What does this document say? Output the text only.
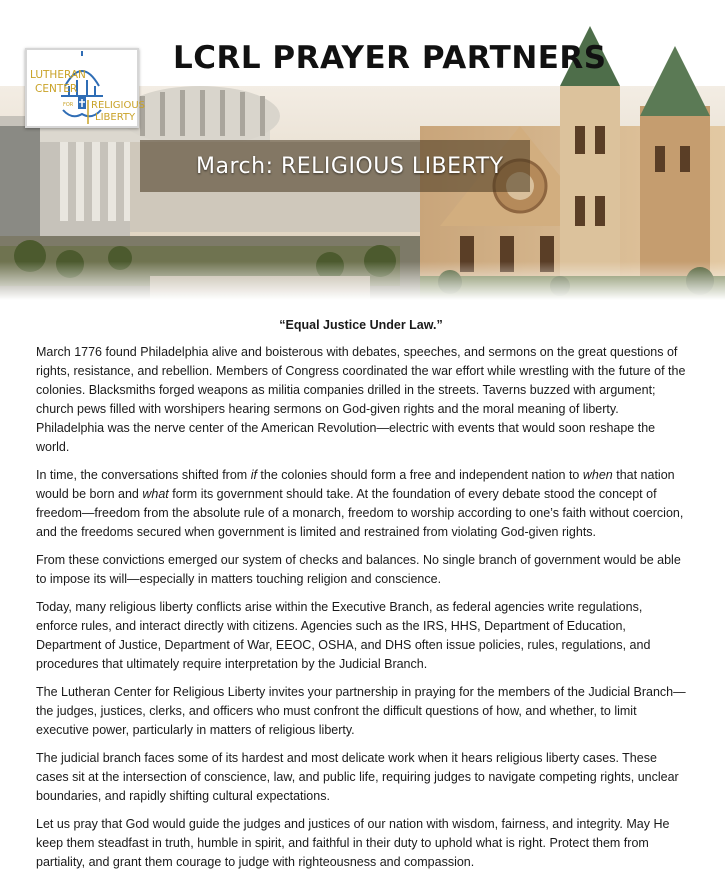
March: RELIGIOUS LIBERTY
LUTHERAN
CENTER
FOR RELIGIOUS
LIBERTY
LCRL PRAYER PARTNERS

“Equal Justice Under Law.”

March 1776 found Philadelphia alive and boisterous with debates, speeches, and sermons on the great questions of rights, resistance, and rebellion. Members of Congress coordinated the war effort while wrestling with the future of the colonies. Blacksmiths forged weapons as militia companies drilled in the streets. Taverns buzzed with argument; church pews filled with worshipers hearing sermons on God-given rights and the moral meaning of liberty. Philadelphia was the nerve center of the American Revolution—electric with events that would soon reshape the world.

In time, the conversations shifted from if the colonies should form a free and independent nation to when that nation would be born and what form its government should take. At the foundation of every debate stood the concept of freedom—freedom from the absolute rule of a monarch, freedom to worship according to one’s faith without coercion, and the freedoms secured when government is limited and restrained from violating God-given rights.

From these convictions emerged our system of checks and balances. No single branch of government would be able to impose its will—especially in matters touching religion and conscience.

Today, many religious liberty conflicts arise within the Executive Branch, as federal agencies write regulations, enforce rules, and interact directly with citizens. Agencies such as the IRS, HHS, Department of Education, Department of Justice, Department of War, EEOC, OSHA, and DHS often issue policies, rules, regulations, and procedures that ultimately require interpretation by the Judicial Branch.

The Lutheran Center for Religious Liberty invites your partnership in praying for the members of the Judicial Branch—the judges, justices, clerks, and officers who must confront the difficult questions of how, and whether, to limit executive power, particularly in matters of religious liberty.

The judicial branch faces some of its hardest and most delicate work when it hears religious liberty cases. These cases sit at the intersection of conscience, law, and public life, requiring judges to navigate competing rights, unclear boundaries, and rapidly shifting cultural expectations.

Let us pray that God would guide the judges and justices of our nation with wisdom, fairness, and integrity. May He keep them steadfast in truth, humble in spirit, and faithful in their duty to uphold what is right. Protect them from partiality, and grant them courage to judge with righteousness and compassion.
